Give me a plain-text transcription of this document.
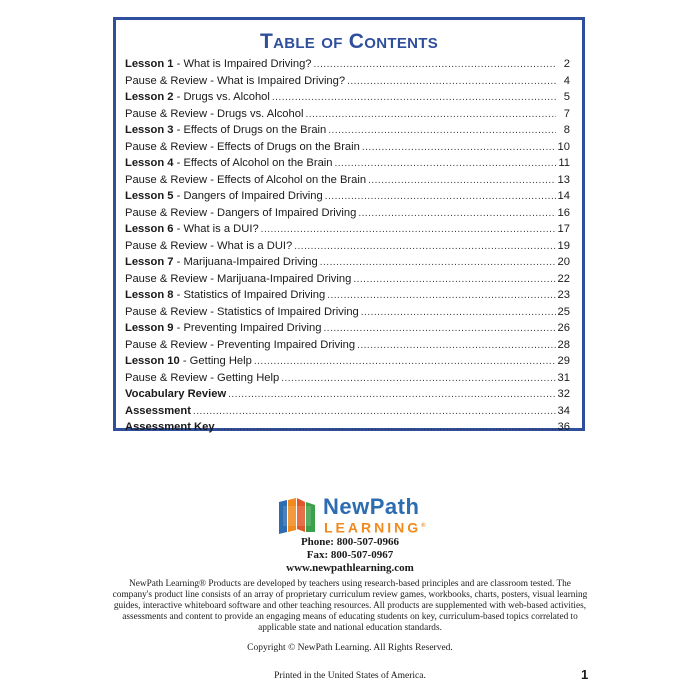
Table of Contents
Lesson 1 - What is Impaired Driving? .....	2
Pause & Review - What is Impaired Driving? .....	4
Lesson 2 - Drugs vs. Alcohol .....	5
Pause & Review - Drugs vs. Alcohol .....	7
Lesson 3 - Effects of Drugs on the Brain .....	8
Pause & Review - Effects of Drugs on the Brain .....	10
Lesson 4 - Effects of Alcohol on the Brain .....	11
Pause & Review - Effects of Alcohol on the Brain .....	13
Lesson 5 - Dangers of Impaired Driving .....	14
Pause & Review - Dangers of Impaired Driving .....	16
Lesson 6 - What is a DUI? .....	17
Pause & Review - What is a DUI? .....	19
Lesson 7 - Marijuana-Impaired Driving .....	20
Pause & Review - Marijuana-Impaired Driving .....	22
Lesson 8 - Statistics of Impaired Driving .....	23
Pause & Review - Statistics of Impaired Driving .....	25
Lesson 9 - Preventing Impaired Driving .....	26
Pause & Review - Preventing Impaired Driving .....	28
Lesson 10 - Getting Help .....	29
Pause & Review - Getting Help .....	31
Vocabulary Review .....	32
Assessment .....	34
Assessment Key .....	36
NewPath
LEARNING®
Phone: 800-507-0966
Fax: 800-507-0967
www.newpathlearning.com
NewPath Learning® Products are developed by teachers using research-based principles and are classroom tested. The company's product line consists of an array of proprietary curriculum review games, workbooks, charts, posters, visual learning guides, interactive whiteboard software and other teaching resources. All products are supplemented with web-based activities, assessments and content to provide an engaging means of educating students on key, curriculum-based topics correlated to applicable state and national education standards.
Copyright © NewPath Learning. All Rights Reserved.
Printed in the United States of America.	1
